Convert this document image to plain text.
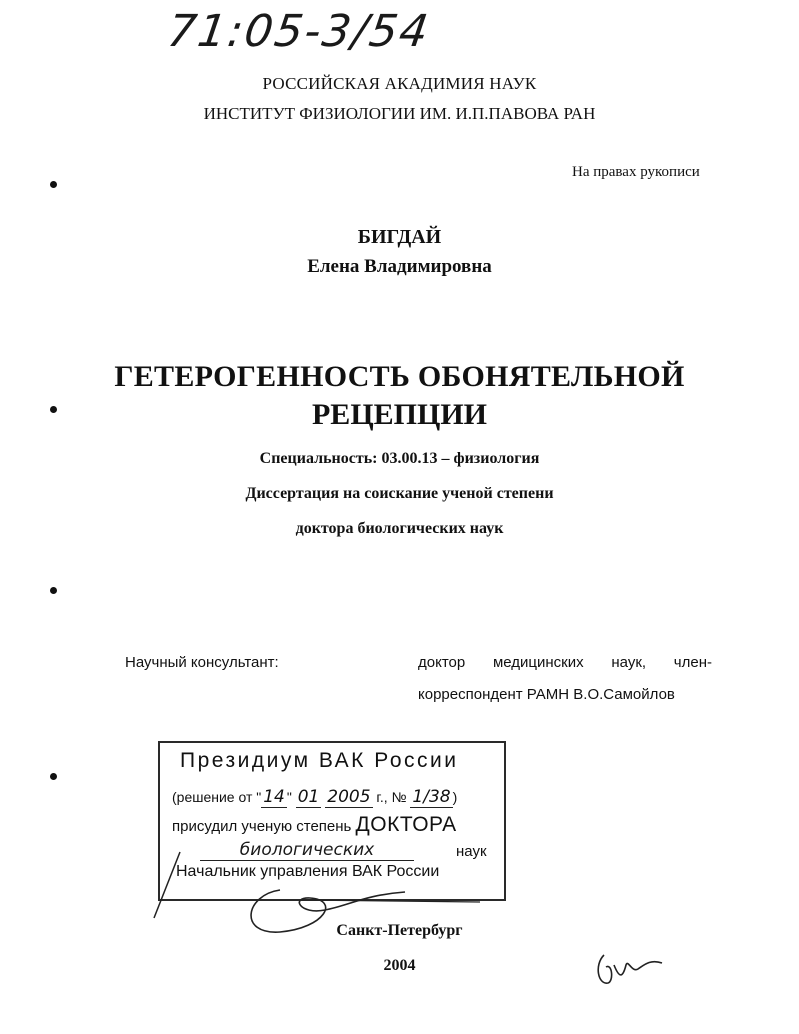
71:05-3/54
РОССИЙСКАЯ АКАДИМИЯ НАУК
ИНСТИТУТ ФИЗИОЛОГИИ ИМ. И.П.ПАВОВА РАН
На правах рукописи
БИГДАЙ
Елена Владимировна
ГЕТЕРОГЕННОСТЬ ОБОНЯТЕЛЬНОЙ
РЕЦЕПЦИИ
Специальность: 03.00.13 – физиология
Диссертация на соискание ученой степени
доктора биологических наук
Научный консультант:	доктор медицинских наук, член-
корреспондент РАМН В.О.Самойлов
Президиум ВАК России
(решение от " 14 " 01 2005 г., № 1/38 )
присудил ученую степень ДОКТОРА
биологических	наук
Начальник управления ВАК России
Санкт-Петербург
2004
